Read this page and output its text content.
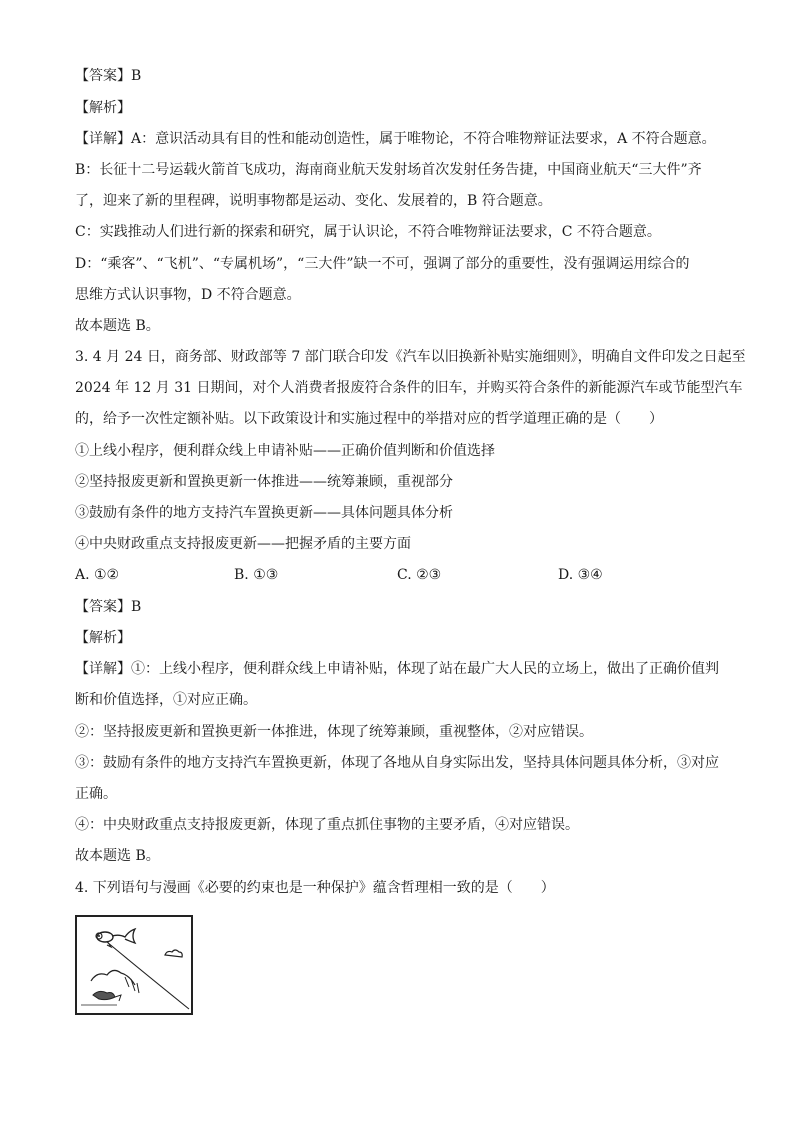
【答案】B
【解析】
【详解】A：意识活动具有目的性和能动创造性，属于唯物论，不符合唯物辩证法要求，A 不符合题意。
B：长征十二号运载火箭首飞成功，海南商业航天发射场首次发射任务告捷，中国商业航天“三大件”齐
了，迎来了新的里程碑，说明事物都是运动、变化、发展着的，B 符合题意。
C：实践推动人们进行新的探索和研究，属于认识论，不符合唯物辩证法要求，C 不符合题意。
D：“乘客”、“飞机”、“专属机场”，“三大件”缺一不可，强调了部分的重要性，没有强调运用综合的
思维方式认识事物，D 不符合题意。
故本题选 B。
3. 4 月 24 日，商务部、财政部等 7 部门联合印发《汽车以旧换新补贴实施细则》，明确自文件印发之日起至
2024 年 12 月 31 日期间，对个人消费者报废符合条件的旧车，并购买符合条件的新能源汽车或节能型汽车
的，给予一次性定额补贴。以下政策设计和实施过程中的举措对应的哲学道理正确的是（　　）
①上线小程序，便利群众线上申请补贴——正确价值判断和价值选择
②坚持报废更新和置换更新一体推进——统筹兼顾，重视部分
③鼓励有条件的地方支持汽车置换更新——具体问题具体分析
④中央财政重点支持报废更新——把握矛盾的主要方面
A. ①②	B. ①③	C. ②③	D. ③④
【答案】B
【解析】
【详解】①：上线小程序，便利群众线上申请补贴，体现了站在最广大人民的立场上，做出了正确价值判
断和价值选择，①对应正确。
②：坚持报废更新和置换更新一体推进，体现了统筹兼顾，重视整体，②对应错误。
③：鼓励有条件的地方支持汽车置换更新，体现了各地从自身实际出发，坚持具体问题具体分析，③对应
正确。
④：中央财政重点支持报废更新，体现了重点抓住事物的主要矛盾，④对应错误。
故本题选 B。
4. 下列语句与漫画《必要的约束也是一种保护》蕴含哲理相一致的是（　　）
